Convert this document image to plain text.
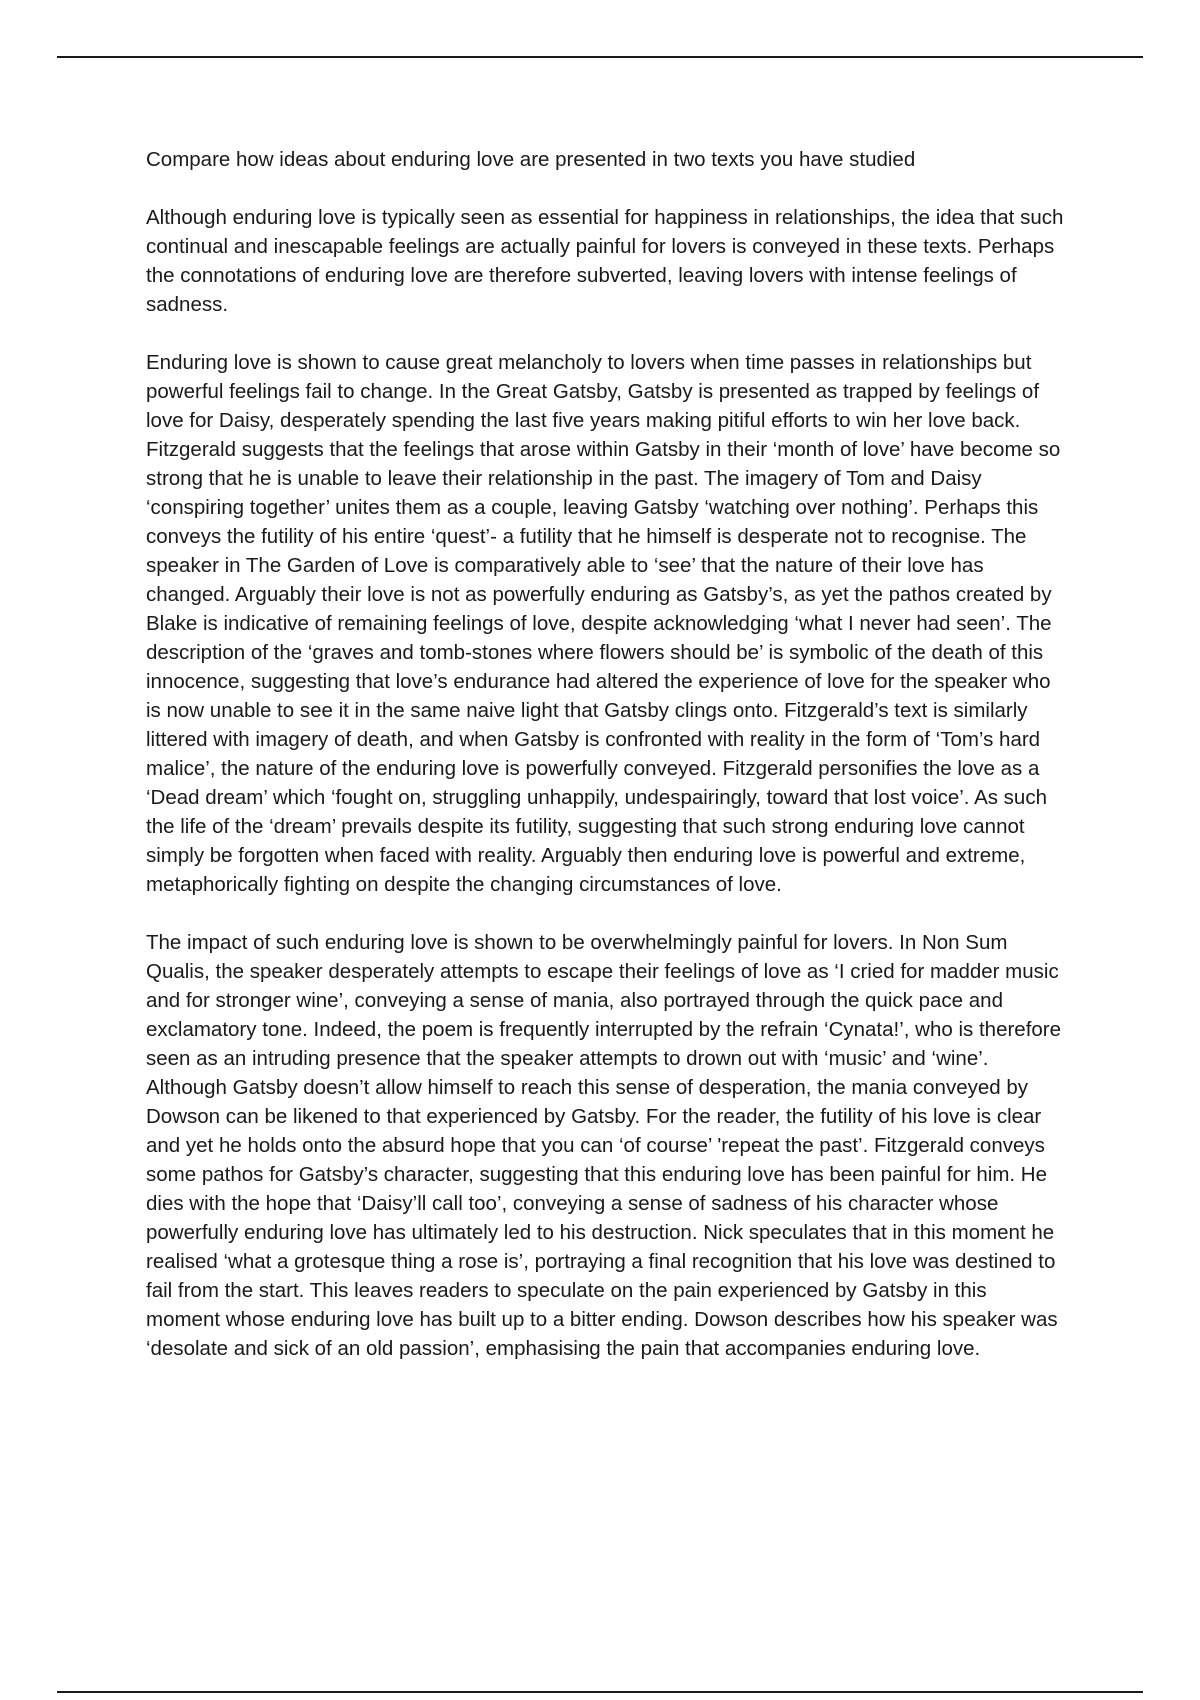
Compare how ideas about enduring love are presented in two texts you have studied

Although enduring love is typically seen as essential for happiness in relationships, the idea that such continual and inescapable feelings are actually painful for lovers is conveyed in these texts. Perhaps the connotations of enduring love are therefore subverted, leaving lovers with intense feelings of sadness.

Enduring love is shown to cause great melancholy to lovers when time passes in relationships but powerful feelings fail to change. In the Great Gatsby, Gatsby is presented as trapped by feelings of love for Daisy, desperately spending the last five years making pitiful efforts to win her love back. Fitzgerald suggests that the feelings that arose within Gatsby in their ‘month of love’ have become so strong that he is unable to leave their relationship in the past. The imagery of Tom and Daisy ‘conspiring together’ unites them as a couple, leaving Gatsby ‘watching over nothing’. Perhaps this conveys the futility of his entire ‘quest’- a futility that he himself is desperate not to recognise. The speaker in The Garden of Love is comparatively able to ‘see’ that the nature of their love has changed. Arguably their love is not as powerfully enduring as Gatsby’s, as yet the pathos created by Blake is indicative of remaining feelings of love, despite acknowledging ‘what I never had seen’. The description of the ‘graves and tomb-stones where flowers should be’ is symbolic of the death of this innocence, suggesting that love’s endurance had altered the experience of love for the speaker who is now unable to see it in the same naive light that Gatsby clings onto. Fitzgerald’s text is similarly littered with imagery of death, and when Gatsby is confronted with reality in the form of ‘Tom’s hard malice’, the nature of the enduring love is powerfully conveyed. Fitzgerald personifies the love as a ‘Dead dream’ which ‘fought on, struggling unhappily, undespairingly, toward that lost voice’. As such the life of the ‘dream’ prevails despite its futility, suggesting that such strong enduring love cannot simply be forgotten when faced with reality. Arguably then enduring love is powerful and extreme, metaphorically fighting on despite the changing circumstances of love.

The impact of such enduring love is shown to be overwhelmingly painful for lovers. In Non Sum Qualis, the speaker desperately attempts to escape their feelings of love as ‘I cried for madder music and for stronger wine’, conveying a sense of mania, also portrayed through the quick pace and exclamatory tone. Indeed, the poem is frequently interrupted by the refrain ‘Cynata!’, who is therefore seen as an intruding presence that the speaker attempts to drown out with ‘music’ and ‘wine’. Although Gatsby doesn’t allow himself to reach this sense of desperation, the mania conveyed by Dowson can be likened to that experienced by Gatsby. For the reader, the futility of his love is clear and yet he holds onto the absurd hope that you can ‘of course’ 'repeat the past’. Fitzgerald conveys some pathos for Gatsby’s character, suggesting that this enduring love has been painful for him. He dies with the hope that ‘Daisy’ll call too’, conveying a sense of sadness of his character whose powerfully enduring love has ultimately led to his destruction. Nick speculates that in this moment he realised ‘what a grotesque thing a rose is’, portraying a final recognition that his love was destined to fail from the start. This leaves readers to speculate on the pain experienced by Gatsby in this moment whose enduring love has built up to a bitter ending. Dowson describes how his speaker was ‘desolate and sick of an old passion’, emphasising the pain that accompanies enduring love.
